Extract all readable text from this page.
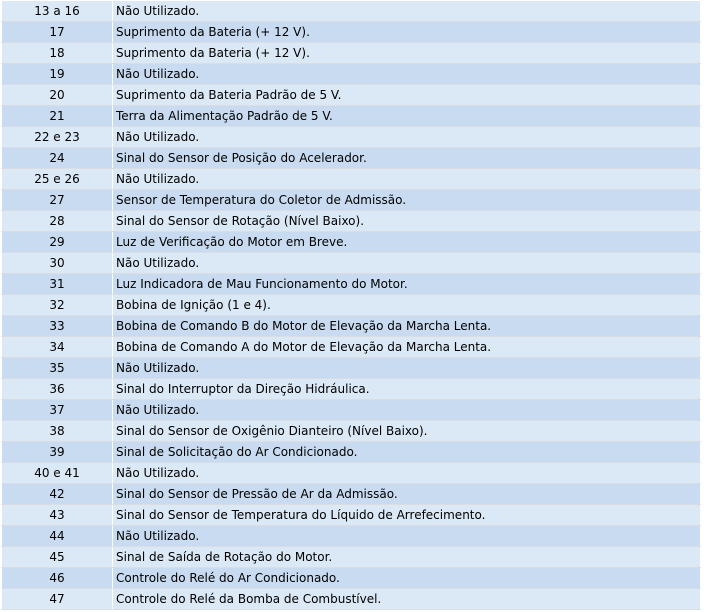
13 a 16	Não Utilizado.
17	Suprimento da Bateria (+ 12 V).
18	Suprimento da Bateria (+ 12 V).
19	Não Utilizado.
20	Suprimento da Bateria Padrão de 5 V.
21	Terra da Alimentação Padrão de 5 V.
22 e 23	Não Utilizado.
24	Sinal do Sensor de Posição do Acelerador.
25 e 26	Não Utilizado.
27	Sensor de Temperatura do Coletor de Admissão.
28	Sinal do Sensor de Rotação (Nível Baixo).
29	Luz de Verificação do Motor em Breve.
30	Não Utilizado.
31	Luz Indicadora de Mau Funcionamento do Motor.
32	Bobina de Ignição (1 e 4).
33	Bobina de Comando B do Motor de Elevação da Marcha Lenta.
34	Bobina de Comando A do Motor de Elevação da Marcha Lenta.
35	Não Utilizado.
36	Sinal do Interruptor da Direção Hidráulica.
37	Não Utilizado.
38	Sinal do Sensor de Oxigênio Dianteiro (Nível Baixo).
39	Sinal de Solicitação do Ar Condicionado.
40 e 41	Não Utilizado.
42	Sinal do Sensor de Pressão de Ar da Admissão.
43	Sinal do Sensor de Temperatura do Líquido de Arrefecimento.
44	Não Utilizado.
45	Sinal de Saída de Rotação do Motor.
46	Controle do Relé do Ar Condicionado.
47	Controle do Relé da Bomba de Combustível.
